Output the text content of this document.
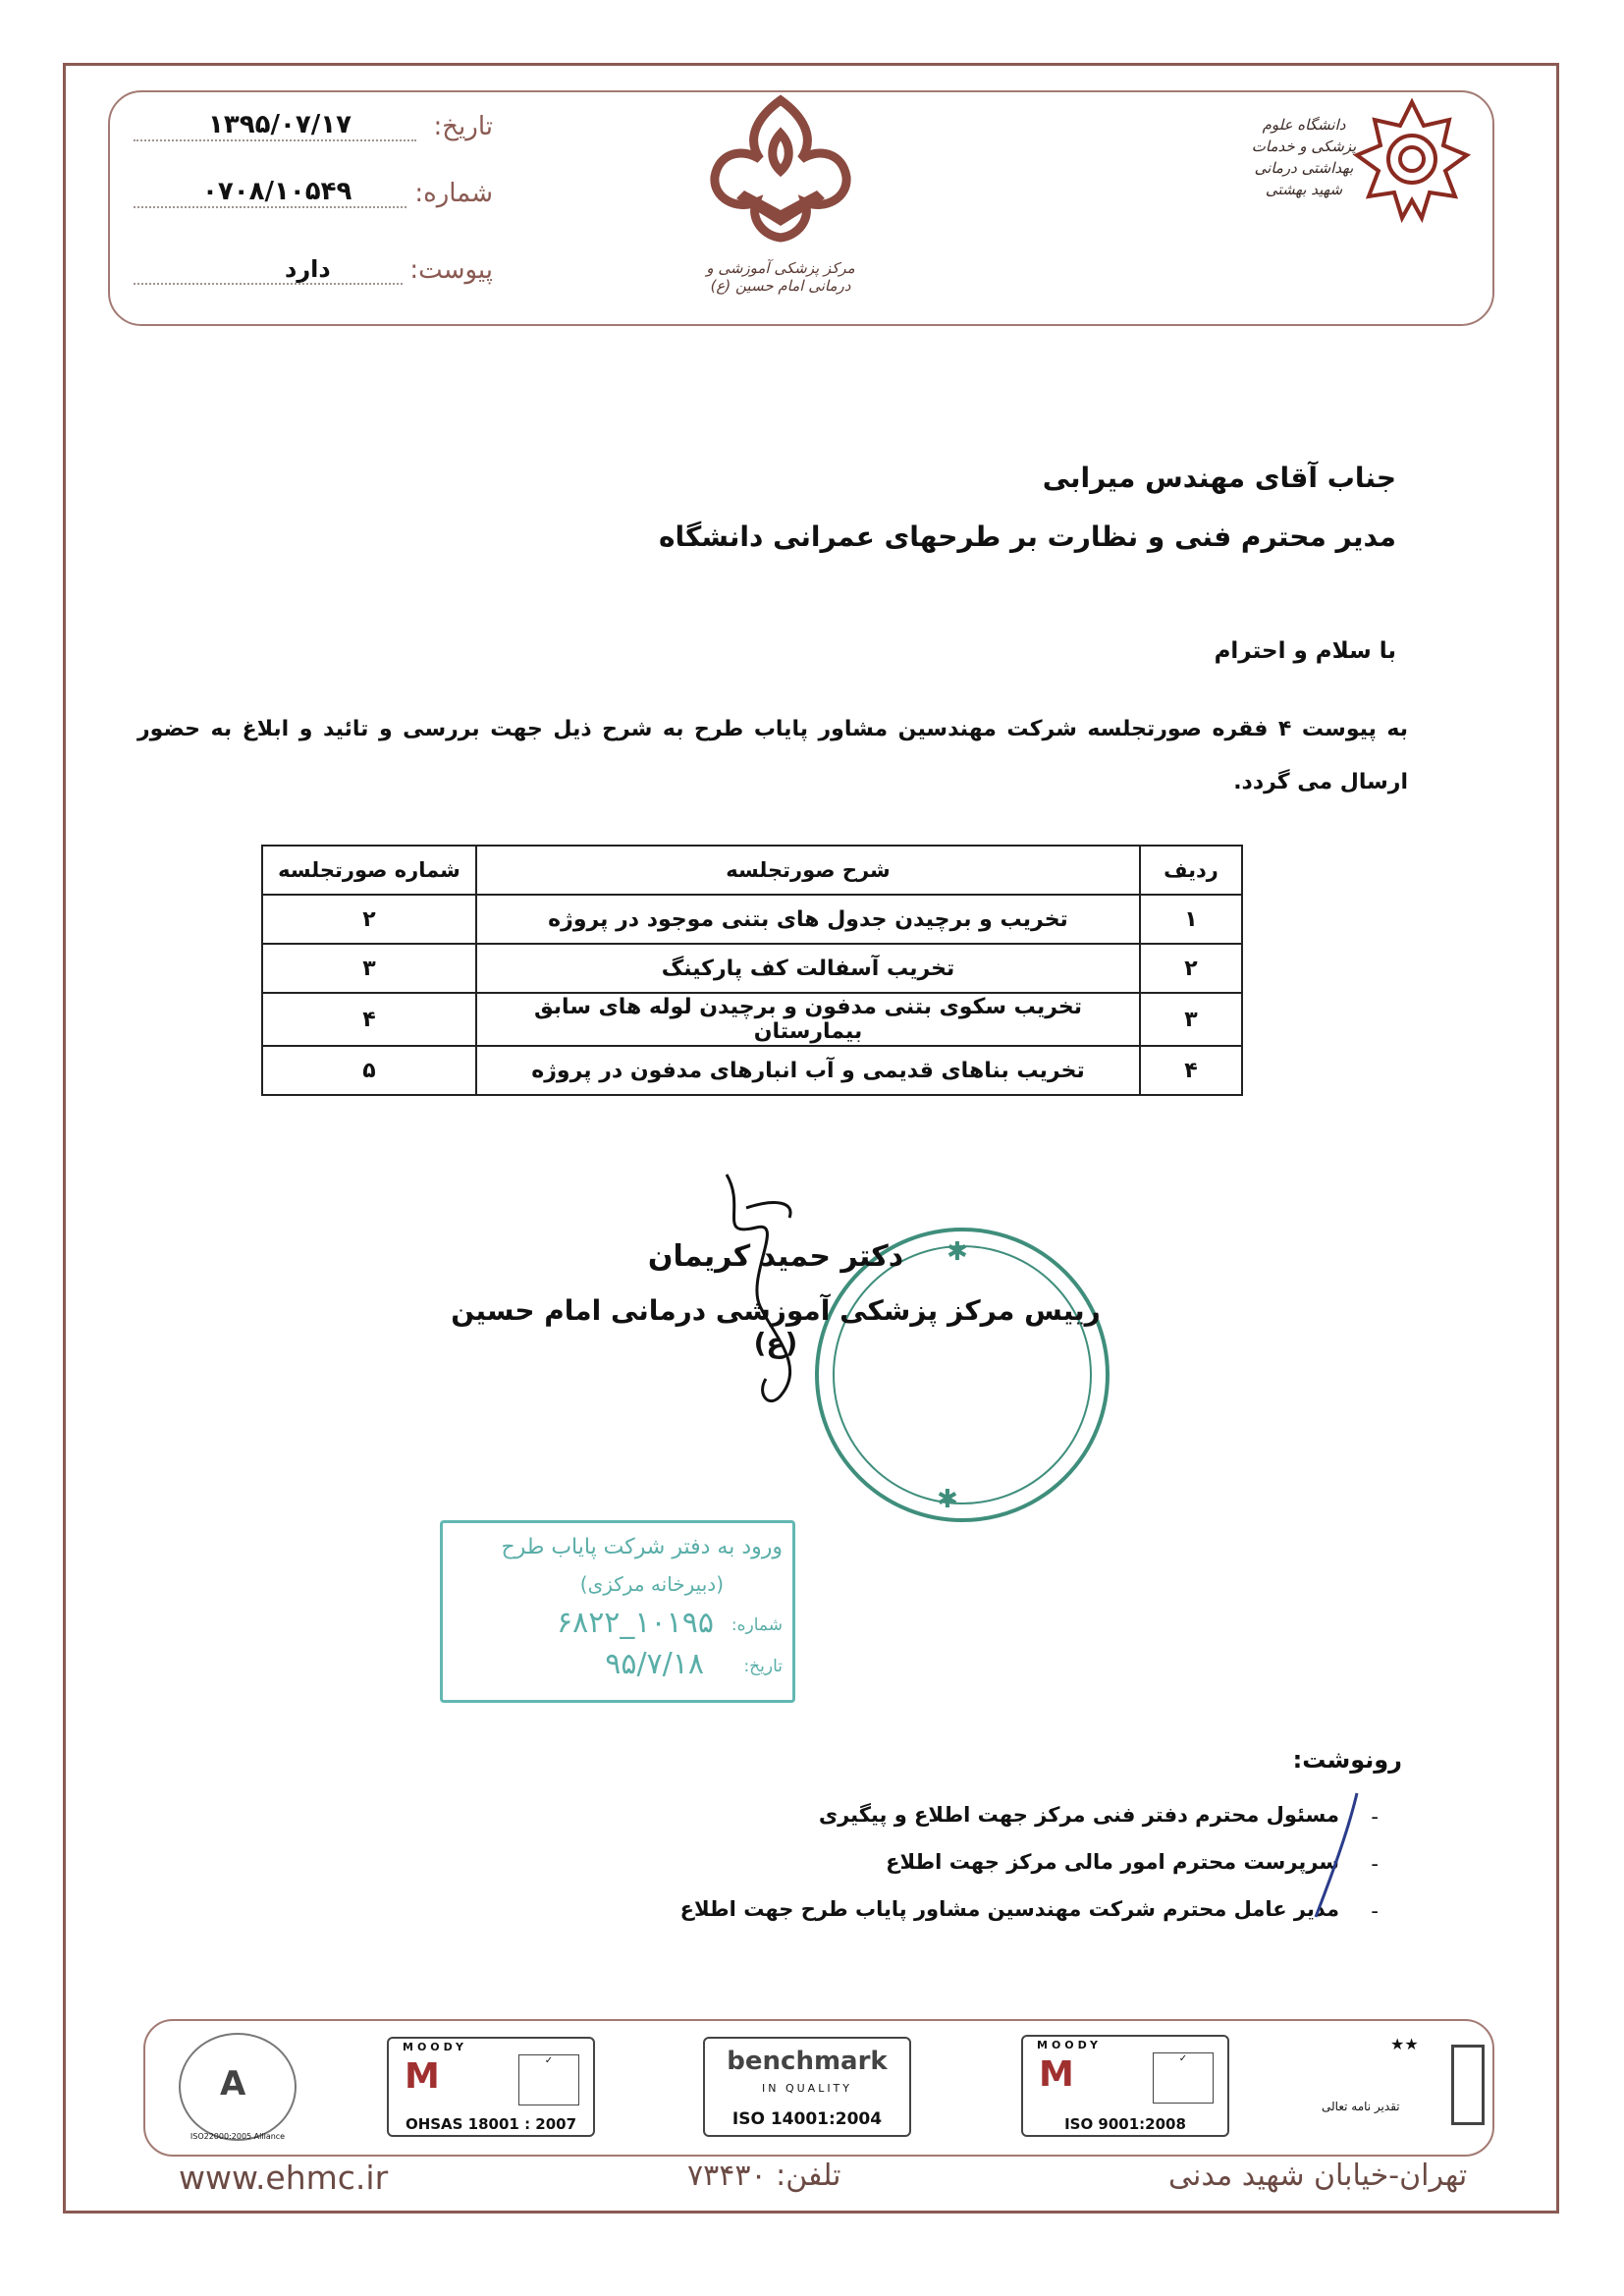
تاریخ:
۱۳۹۵/۰۷/۱۷
شماره:
۰۷۰۸/۱۰۵۴۹
پیوست:
دارد	مرکز پزشکی آموزشی و درمانی امام حسین (ع)
دانشگاه علوم پزشکی و خدمات بهداشتی درمانی شهید بهشتی
جناب آقای مهندس میرابی
مدیر محترم فنی و نظارت بر طرحهای عمرانی دانشگاه
با سلام و احترام
به پیوست ۴ فقره صورتجلسه شرکت مهندسین مشاور پایاب طرح به شرح ذیل جهت بررسی و تائید و ابلاغ به حضور ارسال می گردد.
ردیف	شرح صورتجلسه	شماره صورتجلسه
۱	تخریب و برچیدن جدول های بتنی موجود در پروژه	۲
۲	تخریب آسفالت کف پارکینگ	۳
۳	تخریب سکوی بتنی مدفون و برچیدن لوله های سابق بیمارستان	۴
۴	تخریب بناهای قدیمی و آب انبارهای مدفون در پروژه	۵
✱
✱
دکتر حمید کریمان
رییس مرکز پزشکی آموزشی درمانی امام حسین (ع)
ورود به دفتر شرکت پایاب طرح
(دبیرخانه مرکزی)
شماره:
۱۰۱۹۵_۶۸۲۲
تاریخ:
۹۵/۷/۱۸
رونوشت:
-
مسئول محترم دفتر فنی مرکز جهت اطلاع و پیگیری
-
سرپرست محترم امور مالی مرکز جهت اطلاع
-
مدیر عامل محترم شرکت مهندسین مشاور پایاب طرح جهت اطلاع
A
ISO22000:2005 Alliance
MOODY
M	✓
OHSAS 18001 : 2007
benchmark
IN QUALITY
ISO 14001:2004
MOODY
M	✓
ISO 9001:2008
★★
تقدیر نامه تعالی
www.ehmc.ir	تلفن: ۷۳۴۳۰	تهران-خیابان شهید مدنی
